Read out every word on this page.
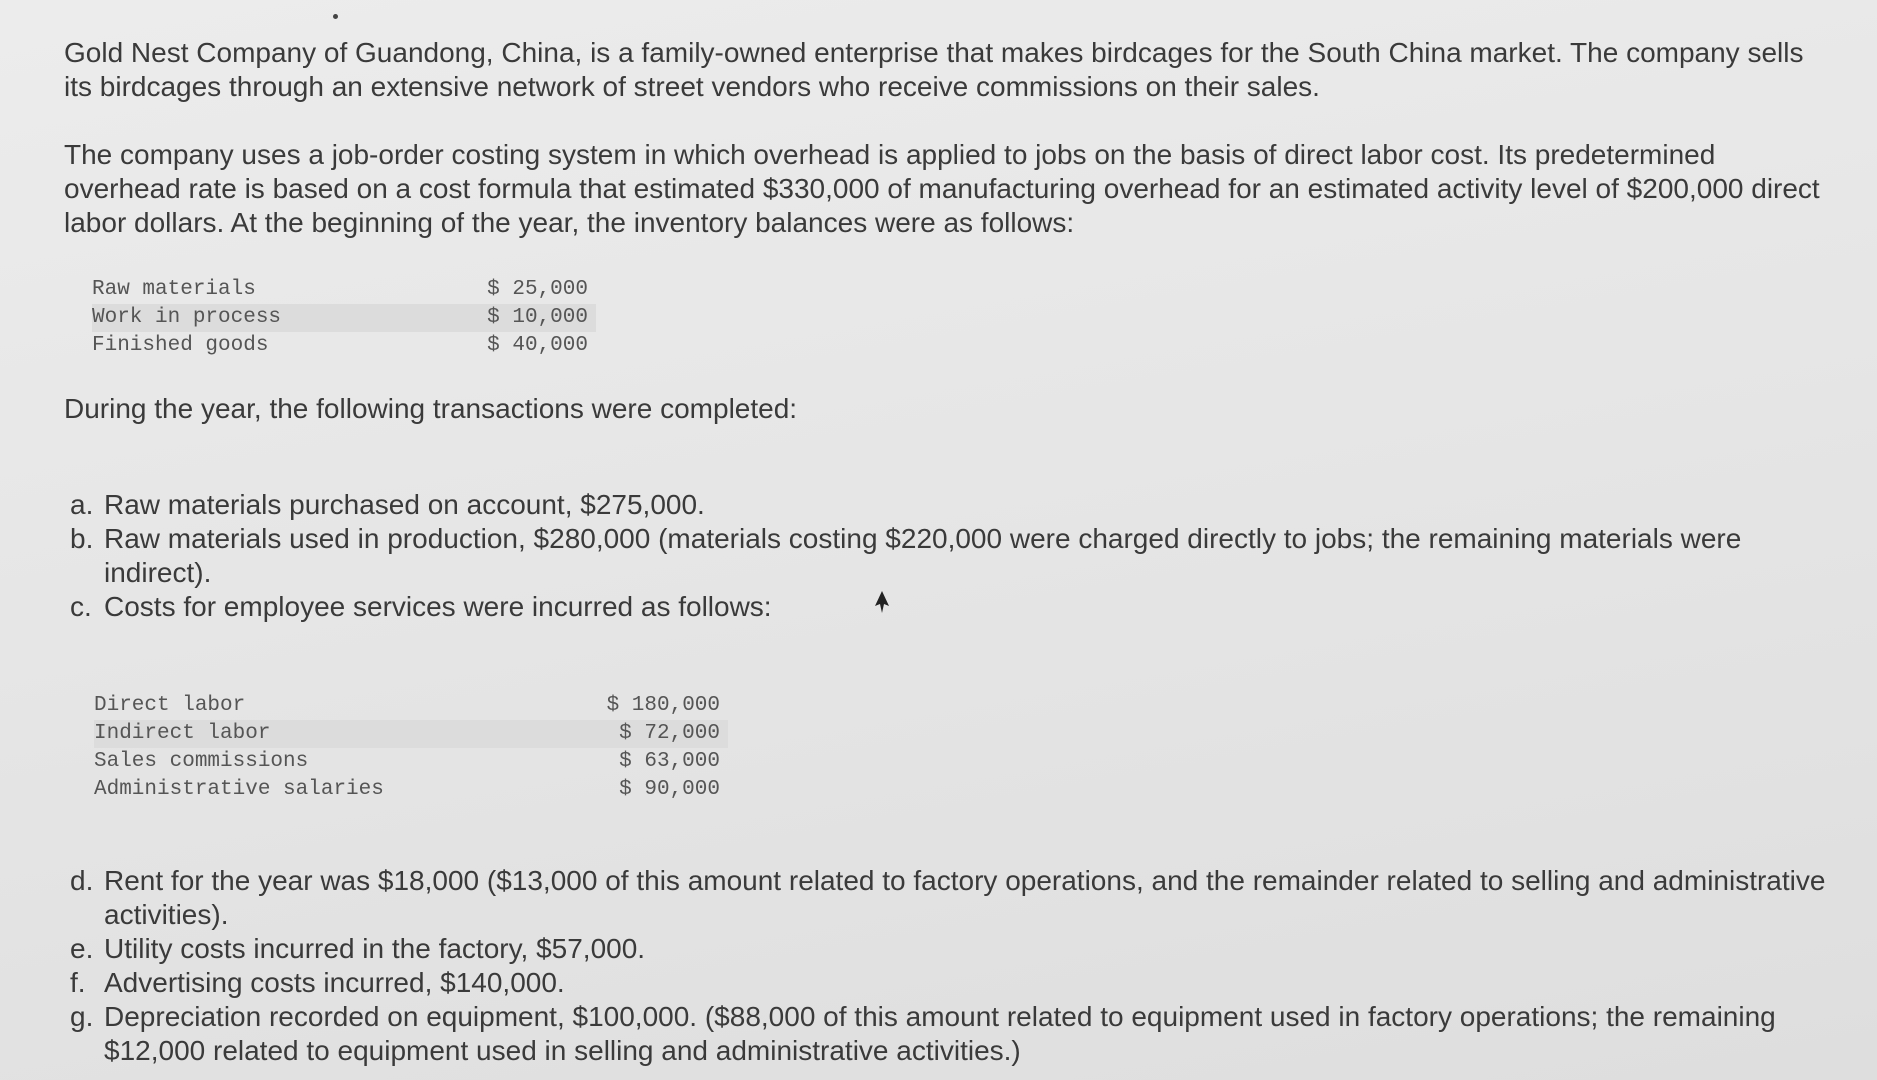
Gold Nest Company of Guandong, China, is a family-owned enterprise that makes birdcages for the South China market. The company sells its birdcages through an extensive network of street vendors who receive commissions on their sales.

The company uses a job-order costing system in which overhead is applied to jobs on the basis of direct labor cost. Its predetermined overhead rate is based on a cost formula that estimated $330,000 of manufacturing overhead for an estimated activity level of $200,000 direct labor dollars. At the beginning of the year, the inventory balances were as follows:

Raw materials	$ 25,000
Work in process	$ 10,000
Finished goods	$ 40,000

During the year, the following transactions were completed:

a. Raw materials purchased on account, $275,000.
b. Raw materials used in production, $280,000 (materials costing $220,000 were charged directly to jobs; the remaining materials were indirect).
c. Costs for employee services were incurred as follows:
Direct labor	$ 180,000
Indirect labor	$ 72,000
Sales commissions	$ 63,000
Administrative salaries	$ 90,000
d. Rent for the year was $18,000 ($13,000 of this amount related to factory operations, and the remainder related to selling and administrative activities).
e. Utility costs incurred in the factory, $57,000.
f. Advertising costs incurred, $140,000.
g. Depreciation recorded on equipment, $100,000. ($88,000 of this amount related to equipment used in factory operations; the remaining $12,000 related to equipment used in selling and administrative activities.)
